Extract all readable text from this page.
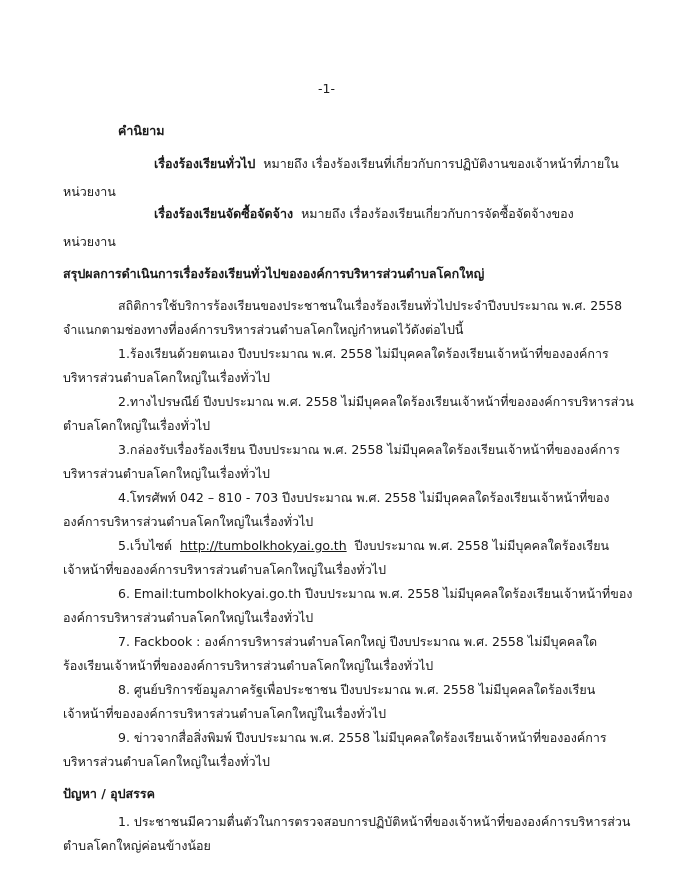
-1-
คำนิยาม
เรื่องร้องเรียนทั่วไป หมายถึง เรื่องร้องเรียนที่เกี่ยวกับการปฏิบัติงานของเจ้าหน้าที่ภายใน
หน่วยงาน
เรื่องร้องเรียนจัดซื้อจัดจ้าง หมายถึง เรื่องร้องเรียนเกี่ยวกับการจัดซื้อจัดจ้างของ
หน่วยงาน
สรุปผลการดำเนินการเรื่องร้องเรียนทั่วไปขององค์การบริหารส่วนตำบลโคกใหญ่
สถิติการใช้บริการร้องเรียนของประชาชนในเรื่องร้องเรียนทั่วไปประจำปีงบประมาณ พ.ศ. 2558
จำแนกตามช่องทางที่องค์การบริหารส่วนตำบลโคกใหญ่กำหนดไว้ดังต่อไปนี้
1.ร้องเรียนด้วยตนเอง ปีงบประมาณ พ.ศ. 2558 ไม่มีบุคคลใดร้องเรียนเจ้าหน้าที่ขององค์การ
บริหารส่วนตำบลโคกใหญ่ในเรื่องทั่วไป
2.ทางไปรษณีย์ ปีงบประมาณ พ.ศ. 2558 ไม่มีบุคคลใดร้องเรียนเจ้าหน้าที่ขององค์การบริหารส่วน
ตำบลโคกใหญ่ในเรื่องทั่วไป
3.กล่องรับเรื่องร้องเรียน ปีงบประมาณ พ.ศ. 2558 ไม่มีบุคคลใดร้องเรียนเจ้าหน้าที่ขององค์การ
บริหารส่วนตำบลโคกใหญ่ในเรื่องทั่วไป
4.โทรศัพท์ 042 – 810 - 703 ปีงบประมาณ พ.ศ. 2558 ไม่มีบุคคลใดร้องเรียนเจ้าหน้าที่ของ
องค์การบริหารส่วนตำบลโคกใหญ่ในเรื่องทั่วไป
5.เว็บไซต์ http://tumbolkhokyai.go.th ปีงบประมาณ พ.ศ. 2558 ไม่มีบุคคลใดร้องเรียน
เจ้าหน้าที่ขององค์การบริหารส่วนตำบลโคกใหญ่ในเรื่องทั่วไป
6. Email:tumbolkhokyai.go.th ปีงบประมาณ พ.ศ. 2558 ไม่มีบุคคลใดร้องเรียนเจ้าหน้าที่ของ
องค์การบริหารส่วนตำบลโคกใหญ่ในเรื่องทั่วไป
7. Fackbook : องค์การบริหารส่วนตำบลโคกใหญ่ ปีงบประมาณ พ.ศ. 2558 ไม่มีบุคคลใด
ร้องเรียนเจ้าหน้าที่ขององค์การบริหารส่วนตำบลโคกใหญ่ในเรื่องทั่วไป
8. ศูนย์บริการข้อมูลภาครัฐเพื่อประชาชน ปีงบประมาณ พ.ศ. 2558 ไม่มีบุคคลใดร้องเรียน
เจ้าหน้าที่ขององค์การบริหารส่วนตำบลโคกใหญ่ในเรื่องทั่วไป
9. ข่าวจากสื่อสิ่งพิมพ์ ปีงบประมาณ พ.ศ. 2558 ไม่มีบุคคลใดร้องเรียนเจ้าหน้าที่ขององค์การ
บริหารส่วนตำบลโคกใหญ่ในเรื่องทั่วไป
ปัญหา / อุปสรรค
1. ประชาชนมีความตื่นตัวในการตรวจสอบการปฏิบัติหน้าที่ของเจ้าหน้าที่ขององค์การบริหารส่วน
ตำบลโคกใหญ่ค่อนข้างน้อย
